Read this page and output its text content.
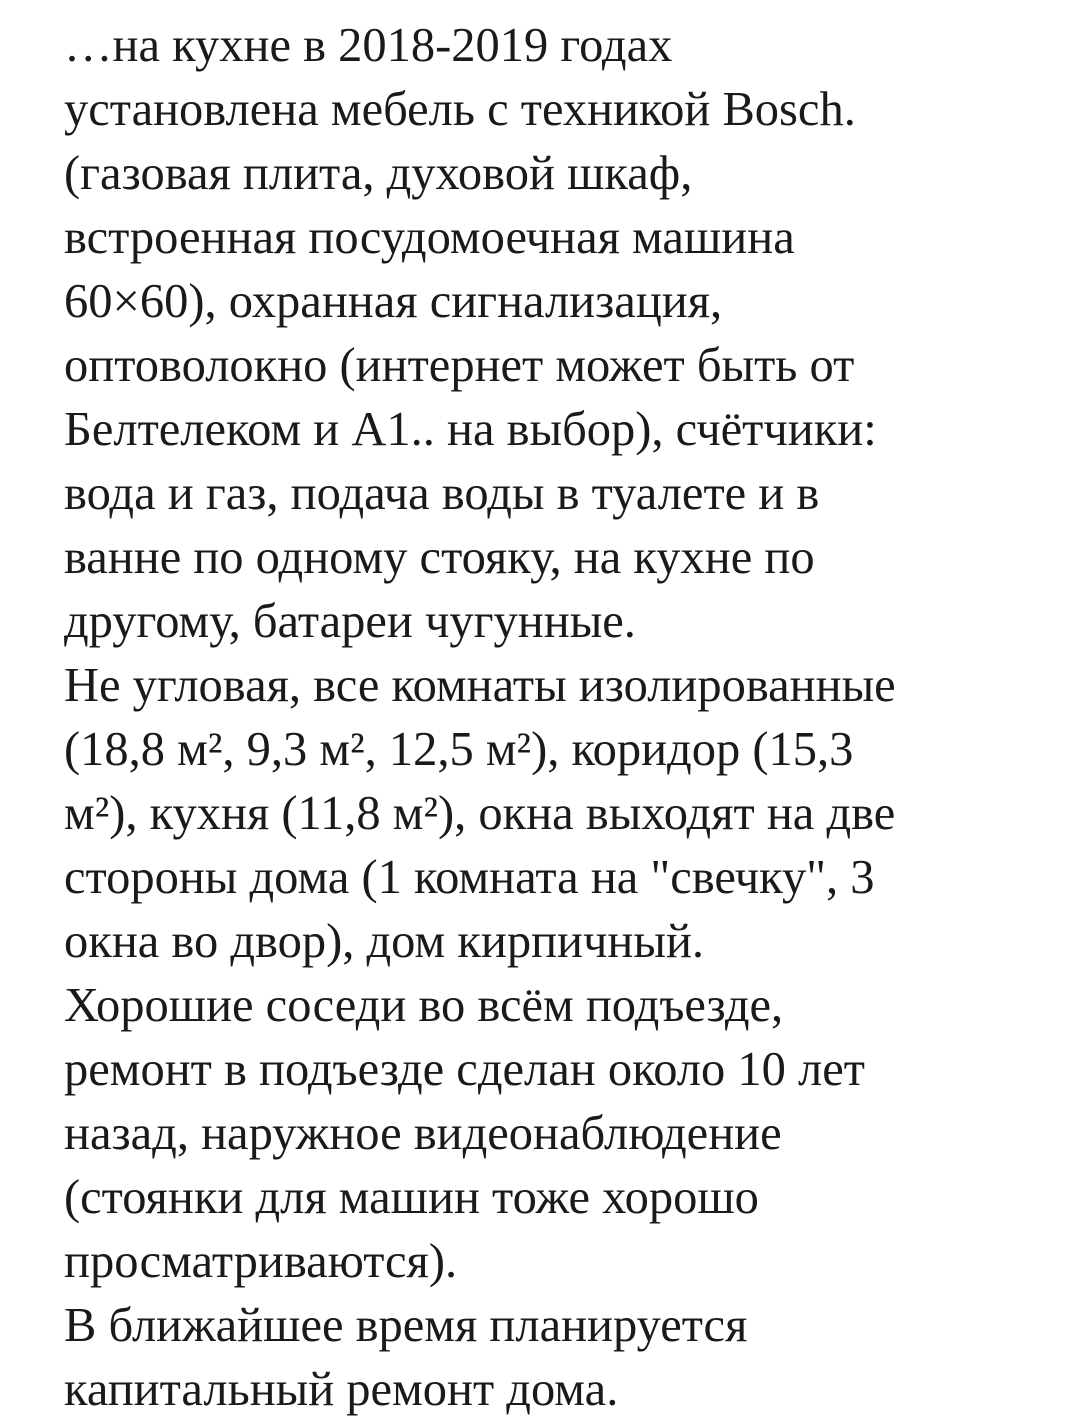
…на кухне в 2018-2019 годах
установлена мебель с техникой Bosch.
(газовая плита, духовой шкаф,
встроенная посудомоечная машина
60×60), охранная сигнализация,
оптоволокно (интернет может быть от
Белтелеком и А1.. на выбор), счётчики:
вода и газ, подача воды в туалете и в
ванне по одному стояку, на кухне по
другому, батареи чугунные.
Не угловая, все комнаты изолированные
(18,8 м², 9,3 м², 12,5 м²), коридор (15,3
м²), кухня (11,8 м²), окна выходят на две
стороны дома (1 комната на "свечку", 3
окна во двор), дом кирпичный.
Хорошие соседи во всём подъезде,
ремонт в подъезде сделан около 10 лет
назад, наружное видеонаблюдение
(стоянки для машин тоже хорошо
просматриваются).
В ближайшее время планируется
капитальный ремонт дома.
